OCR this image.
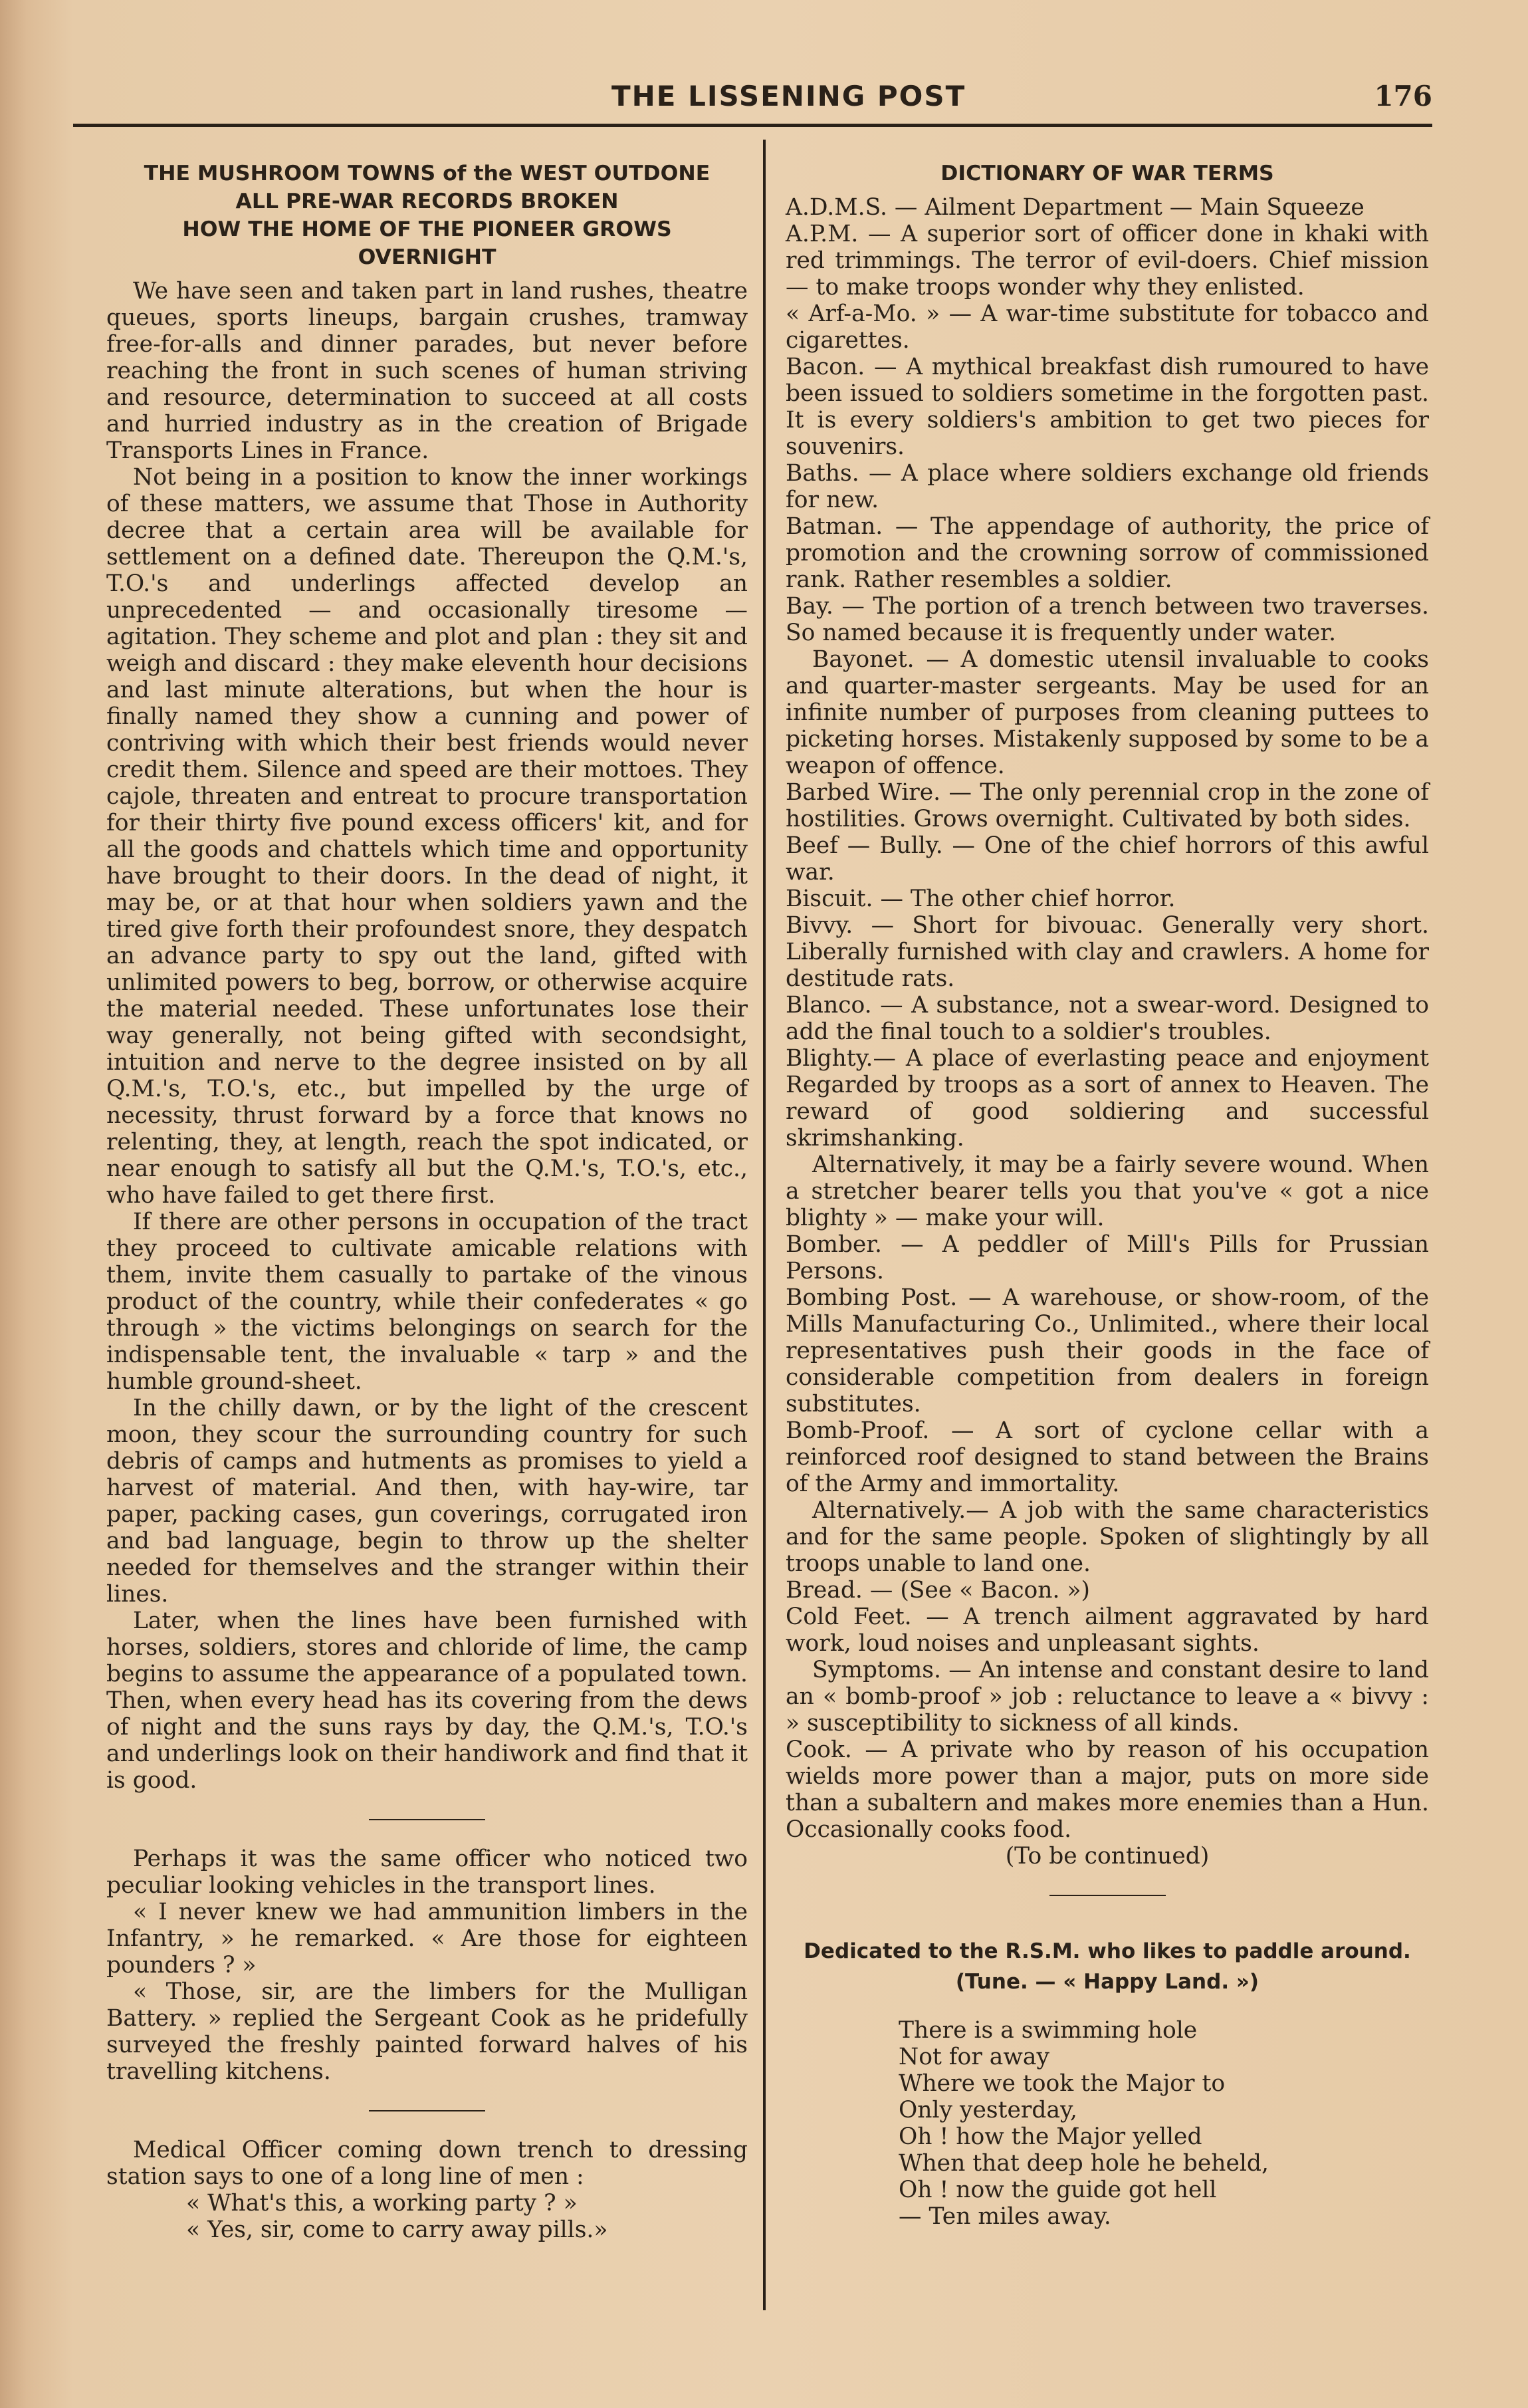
THE LISSENING POST	176
THE MUSHROOM TOWNS of the WEST OUTDONE
ALL PRE-WAR RECORDS BROKEN
HOW THE HOME OF THE PIONEER GROWS
OVERNIGHT

We have seen and taken part in land rushes, theatre queues, sports lineups, bargain crushes, tramway free-for-alls and dinner parades, but never before reaching the front in such scenes of human striving and resource, determination to succeed at all costs and hurried industry as in the creation of Brigade Transports Lines in France.

Not being in a position to know the inner workings of these matters, we assume that Those in Authority decree that a certain area will be available for settlement on a defined date. Thereupon the Q.M.'s, T.O.'s and underlings affected develop an unprecedented — and occasionally tiresome — agitation. They scheme and plot and plan : they sit and weigh and discard : they make eleventh hour decisions and last minute alterations, but when the hour is finally named they show a cunning and power of contriving with which their best friends would never credit them. Silence and speed are their mottoes. They cajole, threaten and entreat to procure transportation for their thirty five pound excess officers' kit, and for all the goods and chattels which time and opportunity have brought to their doors. In the dead of night, it may be, or at that hour when soldiers yawn and the tired give forth their profoundest snore, they despatch an advance party to spy out the land, gifted with unlimited powers to beg, borrow, or otherwise acquire the material needed. These unfortunates lose their way generally, not being gifted with secondsight, intuition and nerve to the degree insisted on by all Q.M.'s, T.O.'s, etc., but impelled by the urge of necessity, thrust forward by a force that knows no relenting, they, at length, reach the spot indicated, or near enough to satisfy all but the Q.M.'s, T.O.'s, etc., who have failed to get there first.

If there are other persons in occupation of the tract they proceed to cultivate amicable relations with them, invite them casually to partake of the vinous product of the country, while their confederates « go through » the victims belongings on search for the indispensable tent, the invaluable « tarp » and the humble ground-sheet.

In the chilly dawn, or by the light of the crescent moon, they scour the surrounding country for such debris of camps and hutments as promises to yield a harvest of material. And then, with hay-wire, tar paper, packing cases, gun coverings, corrugated iron and bad language, begin to throw up the shelter needed for themselves and the stranger within their lines.

Later, when the lines have been furnished with horses, soldiers, stores and chloride of lime, the camp begins to assume the appearance of a populated town. Then, when every head has its covering from the dews of night and the suns rays by day, the Q.M.'s, T.O.'s and underlings look on their handiwork and find that it is good.

Perhaps it was the same officer who noticed two peculiar looking vehicles in the transport lines.

« I never knew we had ammunition limbers in the Infantry, » he remarked. « Are those for eighteen pounders ? »

« Those, sir, are the limbers for the Mulligan Battery. » replied the Sergeant Cook as he pridefully surveyed the freshly painted forward halves of his travelling kitchens.

Medical Officer coming down trench to dressing station says to one of a long line of men :

« What's this, a working party ? »

« Yes, sir, come to carry away pills.»

DICTIONARY OF WAR TERMS

A.D.M.S. — Ailment Department — Main Squeeze

A.P.M. — A superior sort of officer done in khaki with red trimmings. The terror of evil-doers. Chief mission — to make troops wonder why they enlisted.

« Arf-a-Mo. » — A war-time substitute for tobacco and cigarettes.

Bacon. — A mythical breakfast dish rumoured to have been issued to soldiers sometime in the forgotten past. It is every soldiers's ambition to get two pieces for souvenirs.

Baths. — A place where soldiers exchange old friends for new.

Batman. — The appendage of authority, the price of promotion and the crowning sorrow of commissioned rank. Rather resembles a soldier.

Bay. — The portion of a trench between two traverses. So named because it is frequently under water.

Bayonet. — A domestic utensil invaluable to cooks and quarter-master sergeants. May be used for an infinite number of purposes from cleaning puttees to picketing horses. Mistakenly supposed by some to be a weapon of offence.

Barbed Wire. — The only perennial crop in the zone of hostilities. Grows overnight. Cultivated by both sides.

Beef — Bully. — One of the chief horrors of this awful war.

Biscuit. — The other chief horror.

Bivvy. — Short for bivouac. Generally very short. Liberally furnished with clay and crawlers. A home for destitude rats.

Blanco. — A substance, not a swear-word. Designed to add the final touch to a soldier's troubles.

Blighty.— A place of everlasting peace and enjoyment Regarded by troops as a sort of annex to Heaven. The reward of good soldiering and successful skrimshanking.

Alternatively, it may be a fairly severe wound. When a stretcher bearer tells you that you've « got a nice blighty » — make your will.

Bomber. — A peddler of Mill's Pills for Prussian Persons.

Bombing Post. — A warehouse, or show-room, of the Mills Manufacturing Co., Unlimited., where their local representatives push their goods in the face of considerable competition from dealers in foreign substitutes.

Bomb-Proof. — A sort of cyclone cellar with a reinforced roof designed to stand between the Brains of the Army and immortality.

Alternatively.— A job with the same characteristics and for the same people. Spoken of slightingly by all troops unable to land one.

Bread. — (See « Bacon. »)

Cold Feet. — A trench ailment aggravated by hard work, loud noises and unpleasant sights.

Symptoms. — An intense and constant desire to land an « bomb-proof » job : reluctance to leave a « bivvy : » susceptibility to sickness of all kinds.

Cook. — A private who by reason of his occupation wields more power than a major, puts on more side than a subaltern and makes more enemies than a Hun. Occasionally cooks food.

(To be continued)

Dedicated to the R.S.M. who likes to paddle around.
(Tune. — « Happy Land. »)

There is a swimming hole

Not for away

Where we took the Major to

Only yesterday,

Oh ! how the Major yelled

When that deep hole he beheld,

Oh ! now the guide got hell

— Ten miles away.
